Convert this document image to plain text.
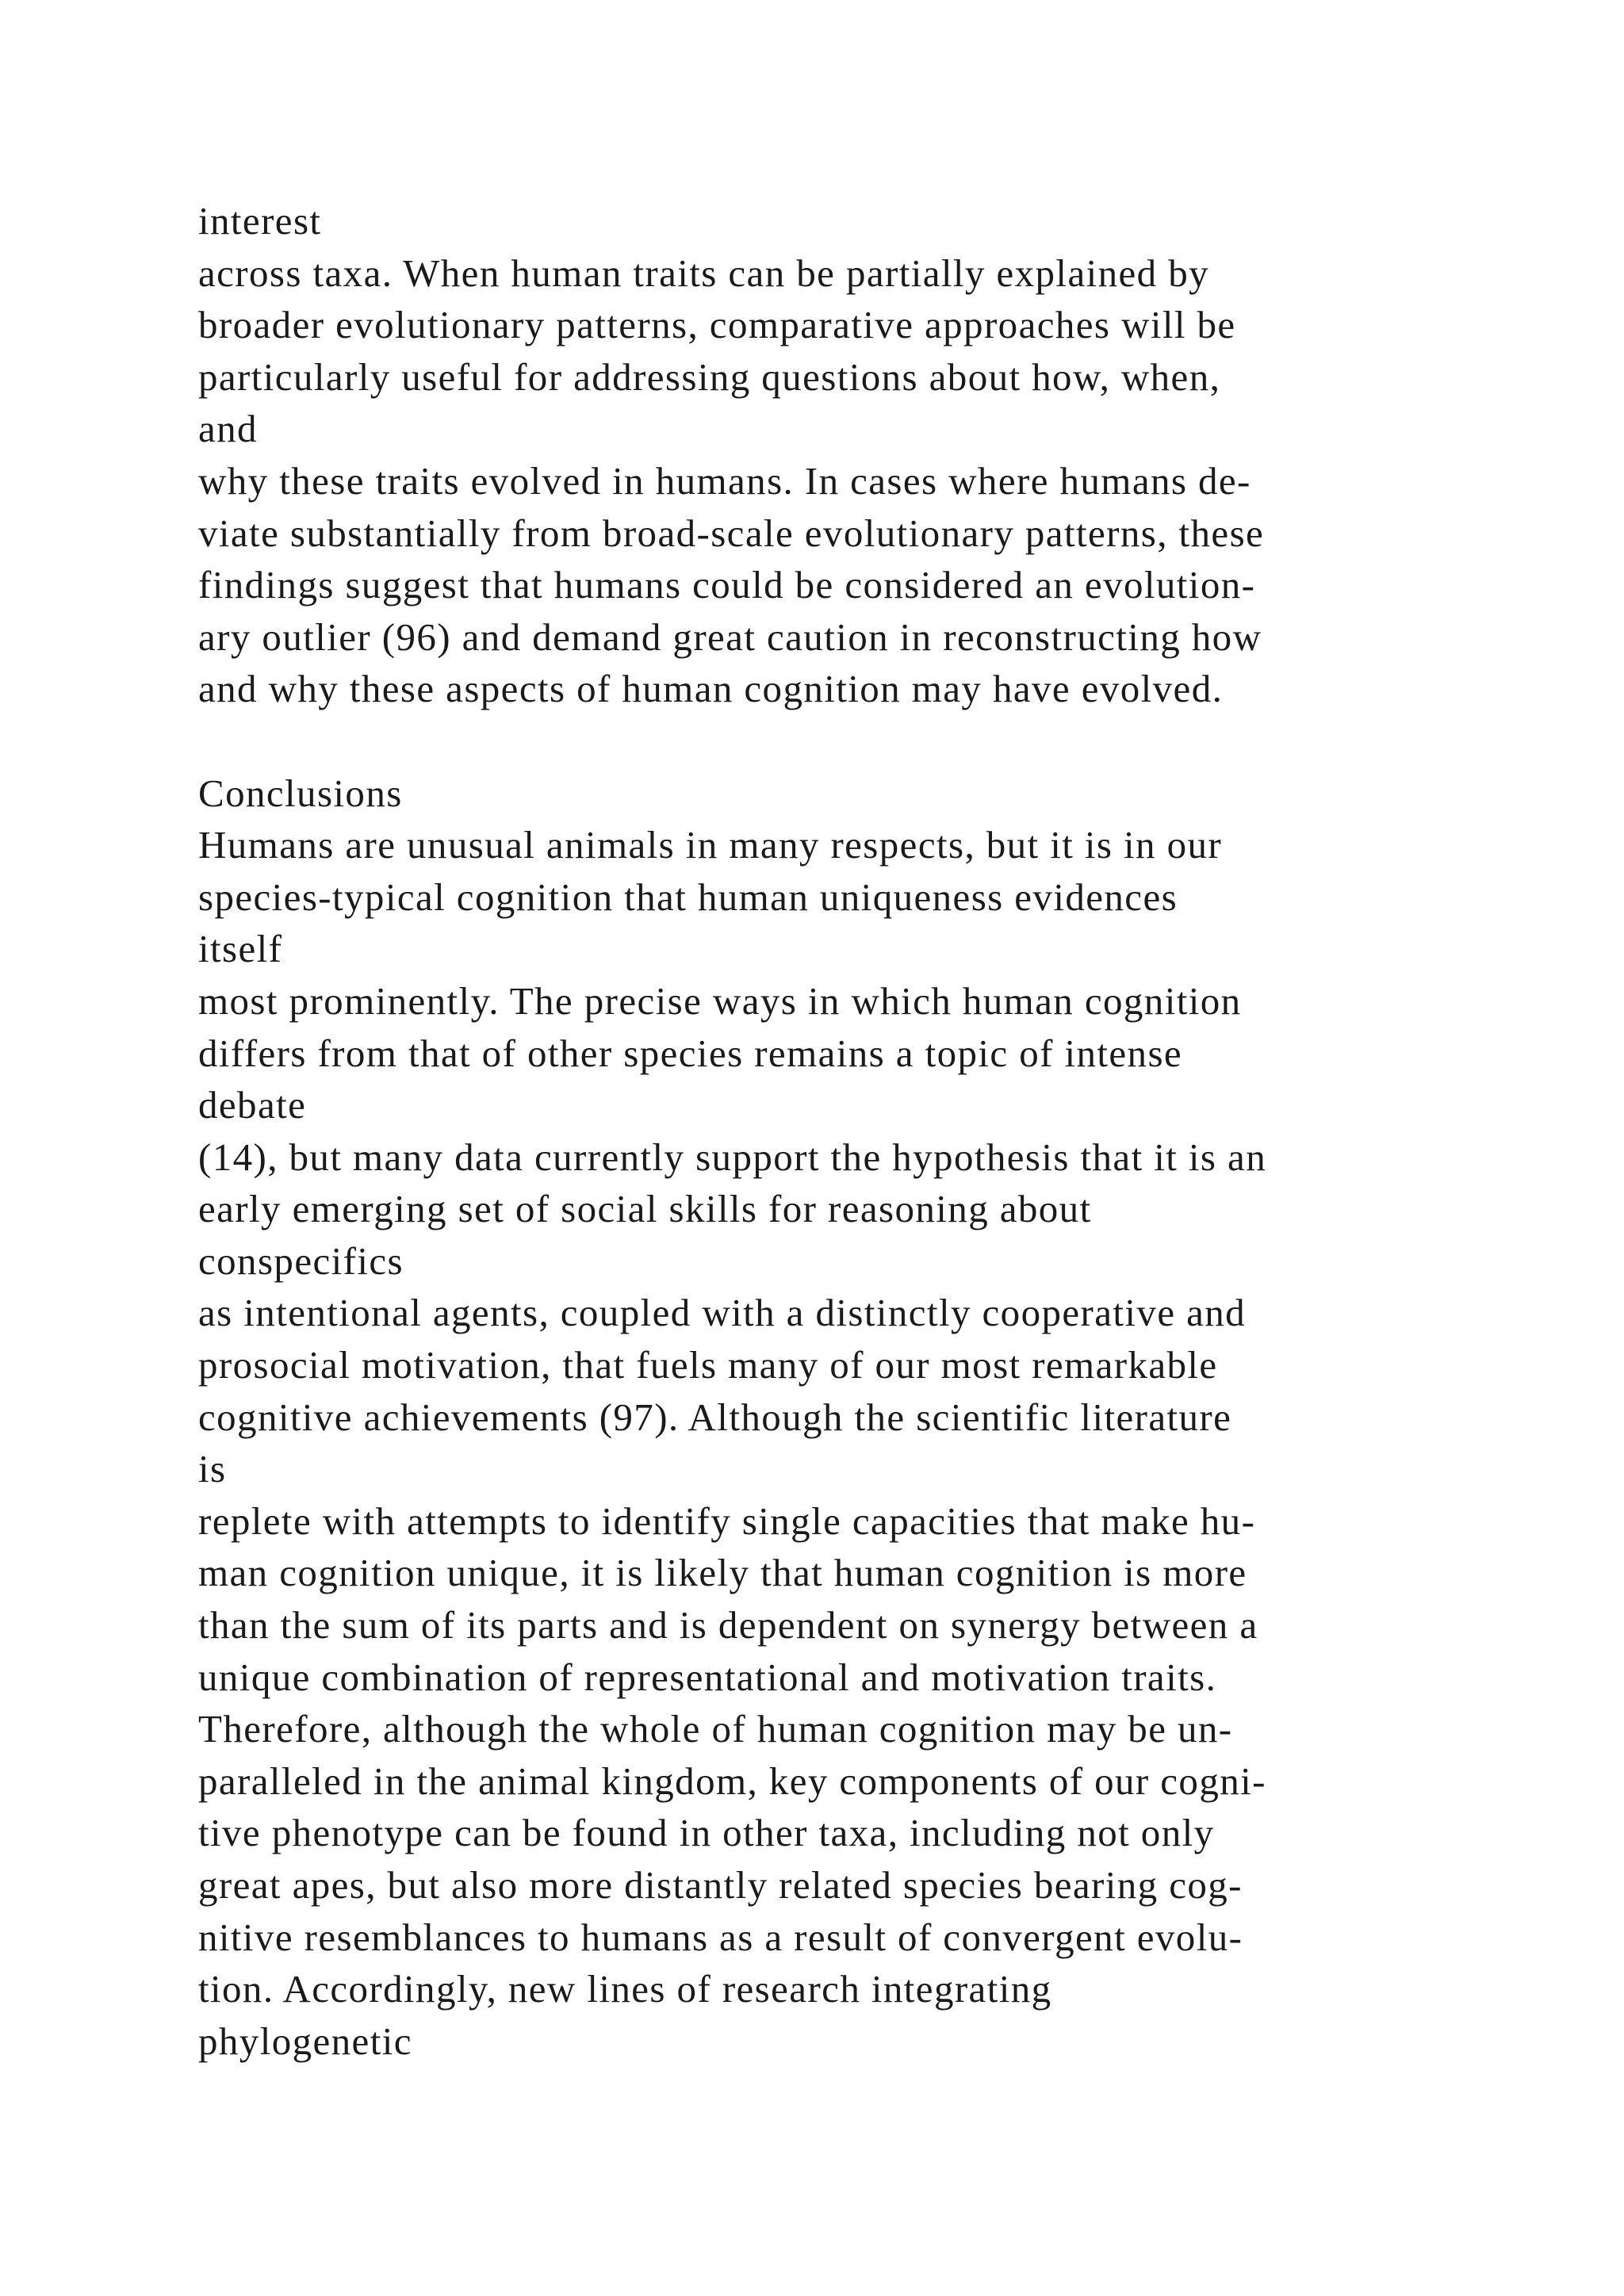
interest
across taxa. When human traits can be partially explained by
broader evolutionary patterns, comparative approaches will be
particularly useful for addressing questions about how, when,
and
why these traits evolved in humans. In cases where humans de-
viate substantially from broad-scale evolutionary patterns, these
findings suggest that humans could be considered an evolution-
ary outlier (96) and demand great caution in reconstructing how
and why these aspects of human cognition may have evolved.
Conclusions
Humans are unusual animals in many respects, but it is in our
species-typical cognition that human uniqueness evidences
itself
most prominently. The precise ways in which human cognition
differs from that of other species remains a topic of intense
debate
(14), but many data currently support the hypothesis that it is an
early emerging set of social skills for reasoning about
conspecifics
as intentional agents, coupled with a distinctly cooperative and
prosocial motivation, that fuels many of our most remarkable
cognitive achievements (97). Although the scientific literature
is
replete with attempts to identify single capacities that make hu-
man cognition unique, it is likely that human cognition is more
than the sum of its parts and is dependent on synergy between a
unique combination of representational and motivation traits.
Therefore, although the whole of human cognition may be un-
paralleled in the animal kingdom, key components of our cogni-
tive phenotype can be found in other taxa, including not only
great apes, but also more distantly related species bearing cog-
nitive resemblances to humans as a result of convergent evolu-
tion. Accordingly, new lines of research integrating
phylogenetic
